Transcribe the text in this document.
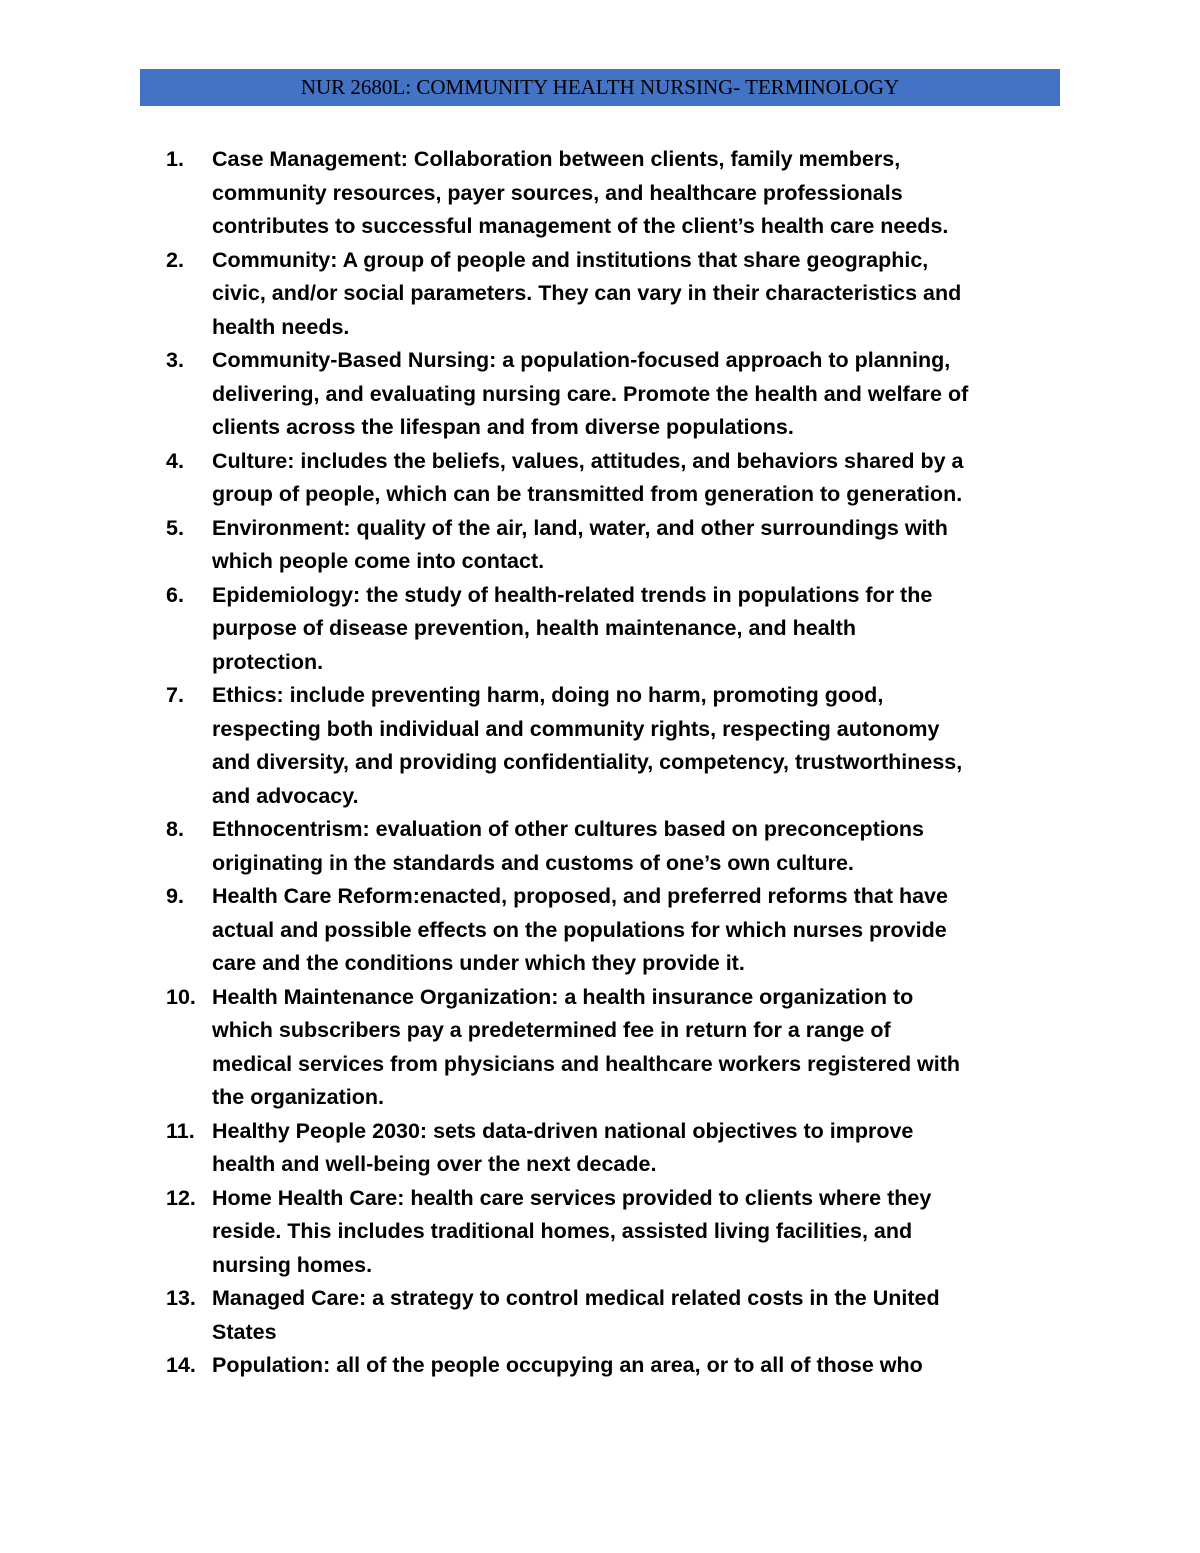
NUR 2680L: COMMUNITY HEALTH NURSING- TERMINOLOGY
1.	Case Management: Collaboration between clients, family members,
community resources, payer sources, and healthcare professionals
contributes to successful management of the client’s health care needs.
2.	Community: A group of people and institutions that share geographic,
civic, and/or social parameters. They can vary in their characteristics and
health needs.
3.	Community-Based Nursing: a population-focused approach to planning,
delivering, and evaluating nursing care. Promote the health and welfare of
clients across the lifespan and from diverse populations.
4.	Culture: includes the beliefs, values, attitudes, and behaviors shared by a
group of people, which can be transmitted from generation to generation.
5.	Environment: quality of the air, land, water, and other surroundings with
which people come into contact.
6.	Epidemiology: the study of health-related trends in populations for the
purpose of disease prevention, health maintenance, and health
protection.
7.	Ethics: include preventing harm, doing no harm, promoting good,
respecting both individual and community rights, respecting autonomy
and diversity, and providing confidentiality, competency, trustworthiness,
and advocacy.
8.	Ethnocentrism: evaluation of other cultures based on preconceptions
originating in the standards and customs of one’s own culture.
9.	Health Care Reform:enacted, proposed, and preferred reforms that have
actual and possible effects on the populations for which nurses provide
care and the conditions under which they provide it.
10. Health Maintenance Organization: a health insurance organization to
which subscribers pay a predetermined fee in return for a range of
medical services from physicians and healthcare workers registered with
the organization.
11. Healthy People 2030: sets data-driven national objectives to improve
health and well-being over the next decade.
12. Home Health Care: health care services provided to clients where they
reside. This includes traditional homes, assisted living facilities, and
nursing homes.
13. Managed Care: a strategy to control medical related costs in the United
States
14. Population: all of the people occupying an area, or to all of those who
